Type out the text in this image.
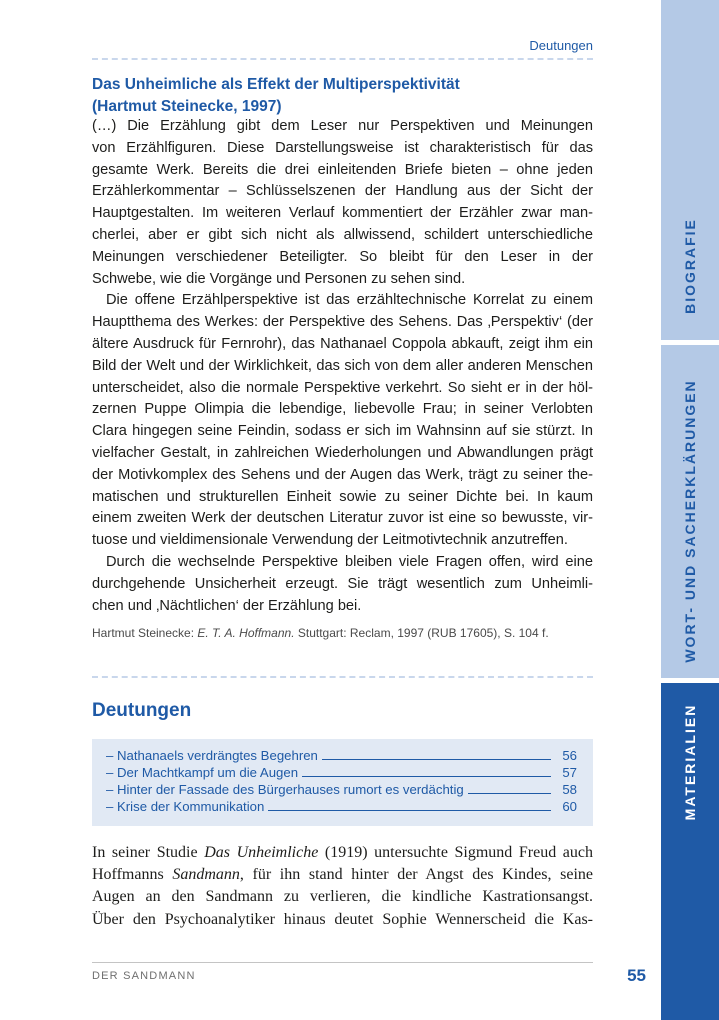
Deutungen
Das Unheimliche als Effekt der Multiperspektivität
(Hartmut Steinecke, 1997)
(…) Die Erzählung gibt dem Leser nur Perspektiven und Meinungen
von Erzählfiguren. Diese Darstellungsweise ist charakteristisch für das
gesamte Werk. Bereits die drei einleitenden Briefe bieten – ohne jeden
Erzählerkommentar – Schlüsselszenen der Handlung aus der Sicht der
Hauptgestalten. Im weiteren Verlauf kommentiert der Erzähler zwar man-
cherlei, aber er gibt sich nicht als allwissend, schildert unterschiedliche
Meinungen verschiedener Beteiligter. So bleibt für den Leser in der
Schwebe, wie die Vorgänge und Personen zu sehen sind.
Die offene Erzählperspektive ist das erzähltechnische Korrelat zu einem
Hauptthema des Werkes: der Perspektive des Sehens. Das ‚Perspektiv‘ (der
ältere Ausdruck für Fernrohr), das Nathanael Coppola abkauft, zeigt ihm ein
Bild der Welt und der Wirklichkeit, das sich von dem aller anderen Menschen
unterscheidet, also die normale Perspektive verkehrt. So sieht er in der höl-
zernen Puppe Olimpia die lebendige, liebevolle Frau; in seiner Verlobten
Clara hingegen seine Feindin, sodass er sich im Wahnsinn auf sie stürzt. In
vielfacher Gestalt, in zahlreichen Wiederholungen und Abwandlungen prägt
der Motivkomplex des Sehens und der Augen das Werk, trägt zu seiner the-
matischen und strukturellen Einheit sowie zu seiner Dichte bei. In kaum
einem zweiten Werk der deutschen Literatur zuvor ist eine so bewusste, vir-
tuose und vieldimensionale Verwendung der Leitmotivtechnik anzutreffen.
Durch die wechselnde Perspektive bleiben viele Fragen offen, wird eine
durchgehende Unsicherheit erzeugt. Sie trägt wesentlich zum Unheimli-
chen und ‚Nächtlichen‘ der Erzählung bei.
Hartmut Steinecke: E. T. A. Hoffmann. Stuttgart: Reclam, 1997 (RUB 17605), S. 104 f.
Deutungen
– Nathanaels verdrängtes Begehren	56
– Der Machtkampf um die Augen	57
– Hinter der Fassade des Bürgerhauses rumort es verdächtig	58
– Krise der Kommunikation	60
In seiner Studie Das Unheimliche (1919) untersuchte Sigmund Freud auch
Hoffmanns Sandmann, für ihn stand hinter der Angst des Kindes, seine
Augen an den Sandmann zu verlieren, die kindliche Kastrationsangst.
Über den Psychoanalytiker hinaus deutet Sophie Wennerscheid die Kas-
DER SANDMANN	55
BIOGRAFIE
WORT- UND SACHERKLÄRUNGEN
MATERIALIEN
